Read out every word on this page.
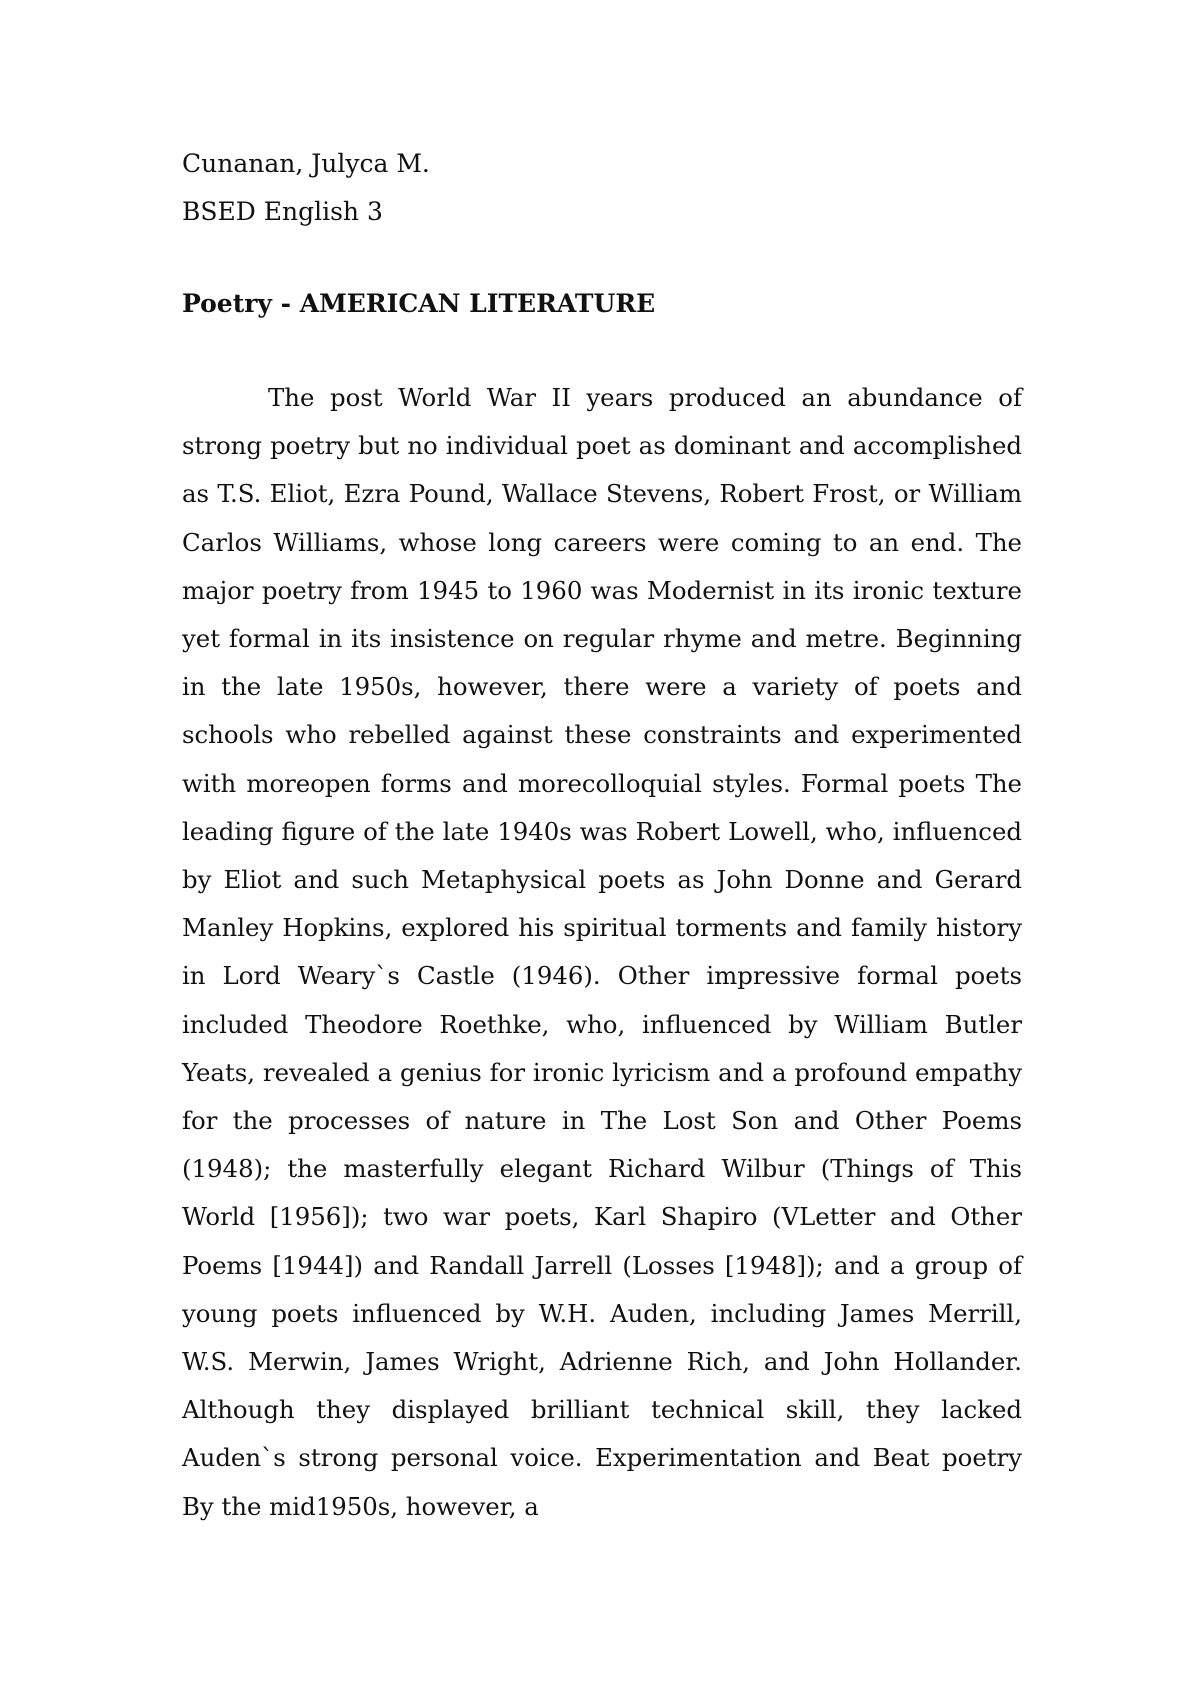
Cunanan, Julyca M.

BSED English 3

Poetry - AMERICAN LITERATURE

The post World War II years produced an abundance of strong poetry but no individual poet as dominant and accomplished as T.S. Eliot, Ezra Pound, Wallace Stevens, Robert Frost, or William Carlos Williams, whose long careers were coming to an end. The major poetry from 1945 to 1960 was Modernist in its ironic texture yet formal in its insistence on regular rhyme and metre. Beginning in the late 1950s, however, there were a variety of poets and schools who rebelled against these constraints and experimented with moreopen forms and morecolloquial styles. Formal poets The leading figure of the late 1940s was Robert Lowell, who, influenced by Eliot and such Metaphysical poets as John Donne and Gerard Manley Hopkins, explored his spiritual torments and family history in Lord Weary`s Castle (1946). Other impressive formal poets included Theodore Roethke, who, influenced by William Butler Yeats, revealed a genius for ironic lyricism and a profound empathy for the processes of nature in The Lost Son and Other Poems (1948); the masterfully elegant Richard Wilbur (Things of This World [1956]); two war poets, Karl Shapiro (VLetter and Other Poems [1944]) and Randall Jarrell (Losses [1948]); and a group of young poets influenced by W.H. Auden, including James Merrill, W.S. Merwin, James Wright, Adrienne Rich, and John Hollander. Although they displayed brilliant technical skill, they lacked Auden`s strong personal voice. Experimentation and Beat poetry By the mid1950s, however, a
